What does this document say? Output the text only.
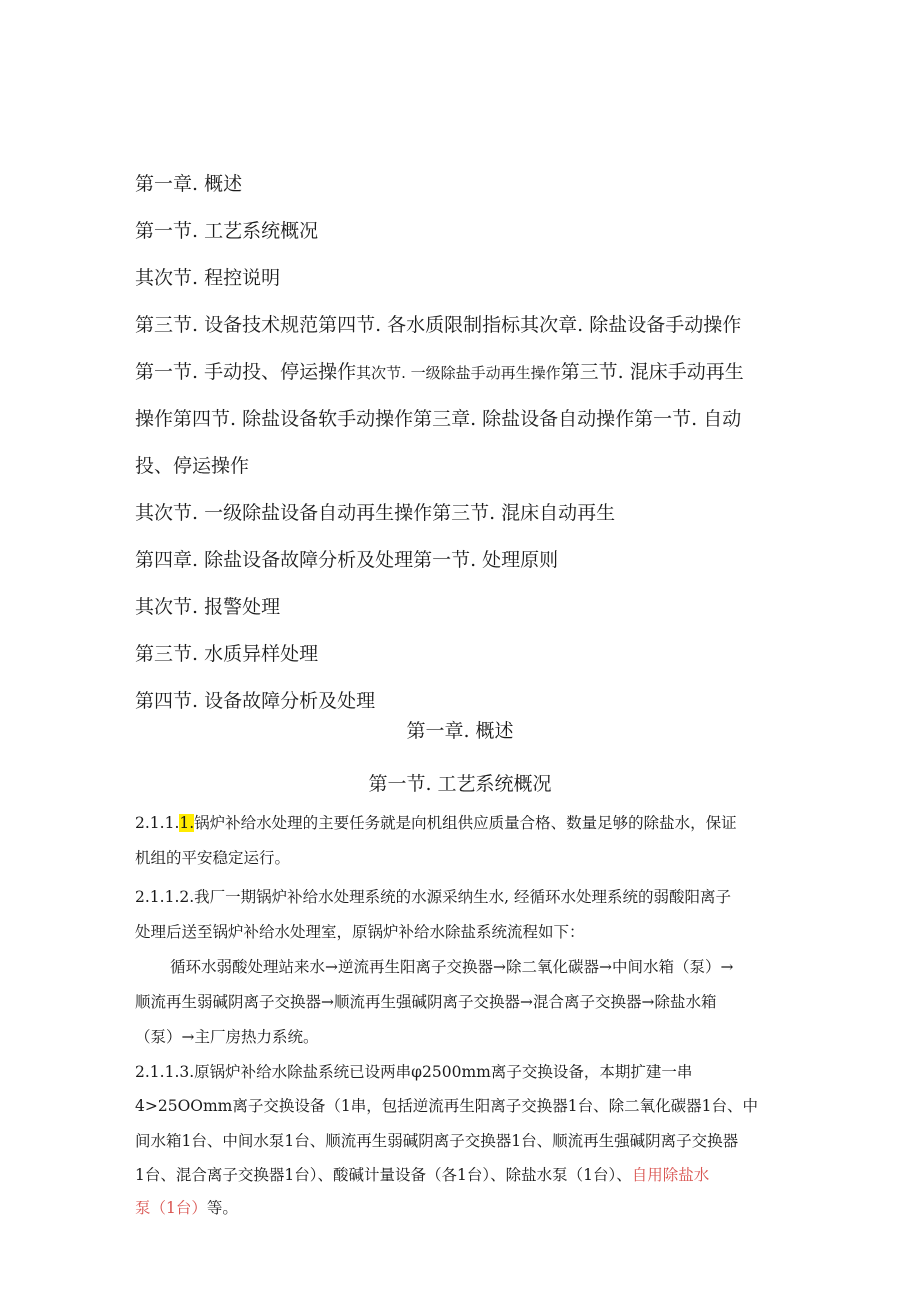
第一章. 概述
第一节. 工艺系统概况
其次节. 程控说明
第三节. 设备技术规范第四节. 各水质限制指标其次章. 除盐设备手动操作
第一节. 手动投、停运操作其次节. 一级除盐手动再生操作第三节. 混床手动再生
操作第四节. 除盐设备软手动操作第三章. 除盐设备自动操作第一节. 自动
投、停运操作
其次节. 一级除盐设备自动再生操作第三节. 混床自动再生
第四章. 除盐设备故障分析及处理第一节. 处理原则
其次节. 报警处理
第三节. 水质异样处理
第四节. 设备故障分析及处理
第一章. 概述
第一节. 工艺系统概况
2.1.1.1.锅炉补给水处理的主要任务就是向机组供应质量合格、数量足够的除盐水，保证
机组的平安稳定运行。
2.1.1.2.我厂一期锅炉补给水处理系统的水源采纳生水, 经循环水处理系统的弱酸阳离子
处理后送至锅炉补给水处理室，原锅炉补给水除盐系统流程如下：
循环水弱酸处理站来水→逆流再生阳离子交换器→除二氧化碳器→中间水箱（泵）→
顺流再生弱碱阴离子交换器→顺流再生强碱阴离子交换器→混合离子交换器→除盐水箱
（泵）→主厂房热力系统。
2.1.1.3.原锅炉补给水除盐系统已设两串φ2500mm离子交换设备，本期扩建一串
4>25OOmm离子交换设备（1串，包括逆流再生阳离子交换器1台、除二氧化碳器1台、中
间水箱1台、中间水泵1台、顺流再生弱碱阴离子交换器1台、顺流再生强碱阴离子交换器
1台、混合离子交换器1台）、酸碱计量设备（各1台）、除盐水泵（1台）、自用除盐水
泵（1台）等。
